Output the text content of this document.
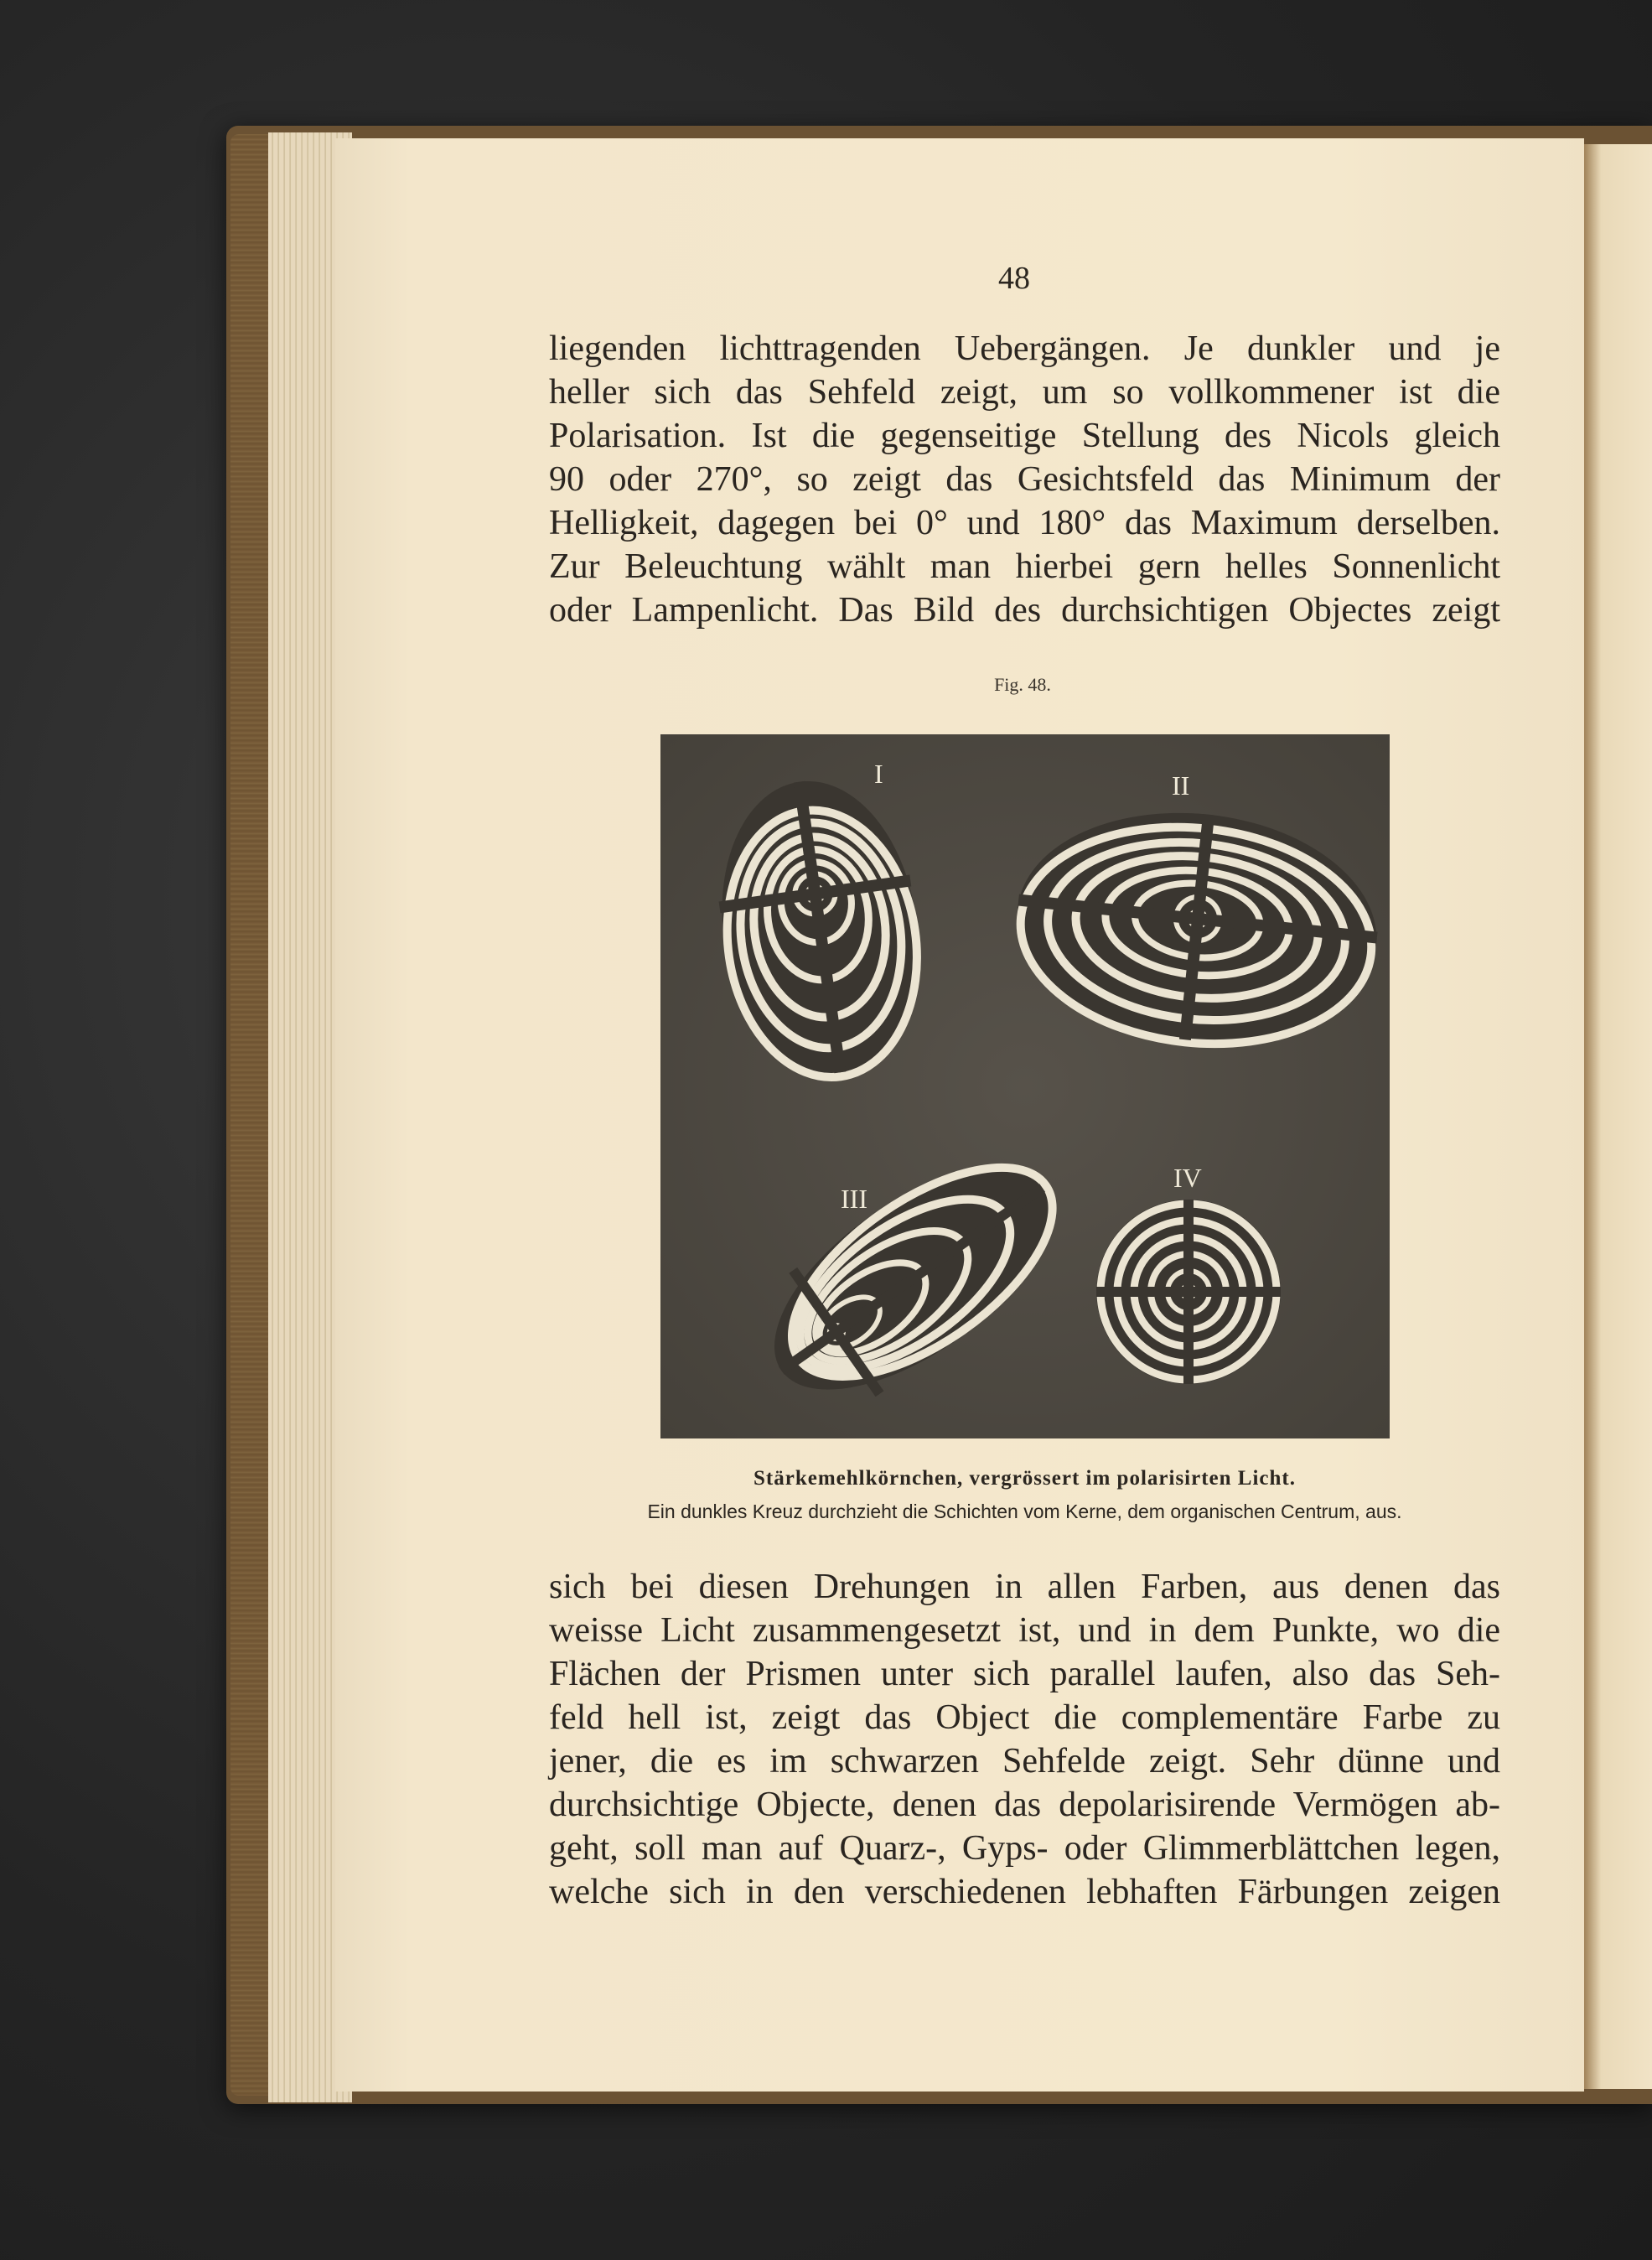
48
liegenden lichttragenden Uebergängen. Je dunkler und je
heller sich das Sehfeld zeigt, um so vollkommener ist die
Polarisation. Ist die gegenseitige Stellung des Nicols gleich
90 oder 270°, so zeigt das Gesichtsfeld das Minimum der
Helligkeit, dagegen bei 0° und 180° das Maximum derselben.
Zur Beleuchtung wählt man hierbei gern helles Sonnenlicht
oder Lampenlicht. Das Bild des durchsichtigen Objectes zeigt
Fig. 48.
I	II
III
IV
Stärkemehlkörnchen, vergrössert im polarisirten Licht.
Ein dunkles Kreuz durchzieht die Schichten vom Kerne, dem organischen Centrum, aus.
sich bei diesen Drehungen in allen Farben, aus denen das
weisse Licht zusammengesetzt ist, und in dem Punkte, wo die
Flächen der Prismen unter sich parallel laufen, also das Seh-
feld hell ist, zeigt das Object die complementäre Farbe zu
jener, die es im schwarzen Sehfelde zeigt. Sehr dünne und
durchsichtige Objecte, denen das depolarisirende Vermögen ab-
geht, soll man auf Quarz-, Gyps- oder Glimmerblättchen legen,
welche sich in den verschiedenen lebhaften Färbungen zeigen
